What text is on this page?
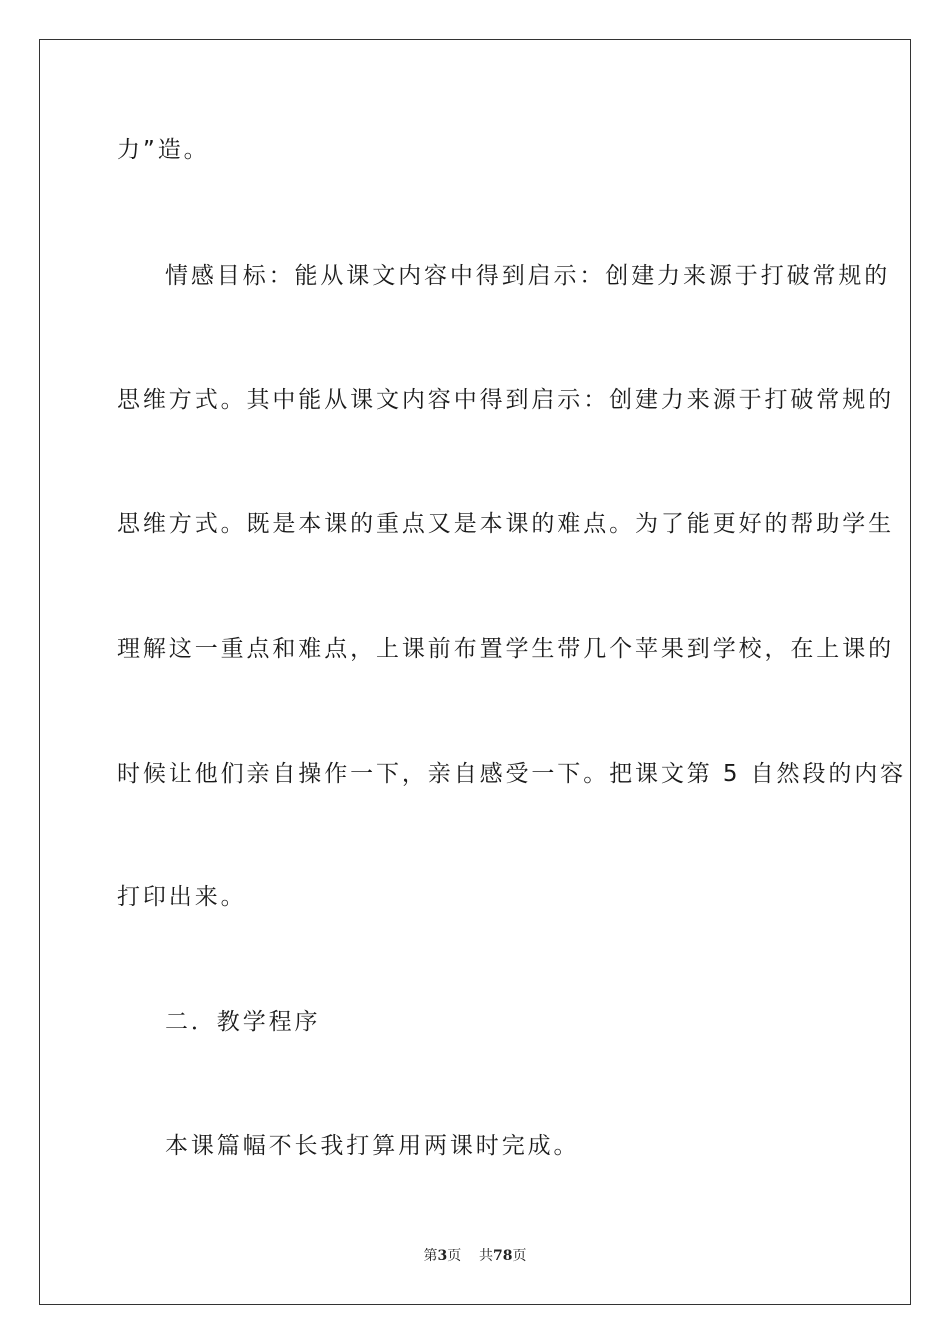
力”造。
情感目标：能从课文内容中得到启示：创建力来源于打破常规的
思维方式。其中能从课文内容中得到启示：创建力来源于打破常规的
思维方式。既是本课的重点又是本课的难点。为了能更好的帮助学生
理解这一重点和难点，上课前布置学生带几个苹果到学校，在上课的
时候让他们亲自操作一下，亲自感受一下。把课文第 5 自然段的内容
打印出来。
二．教学程序
本课篇幅不长我打算用两课时完成。
第3页 共78页
